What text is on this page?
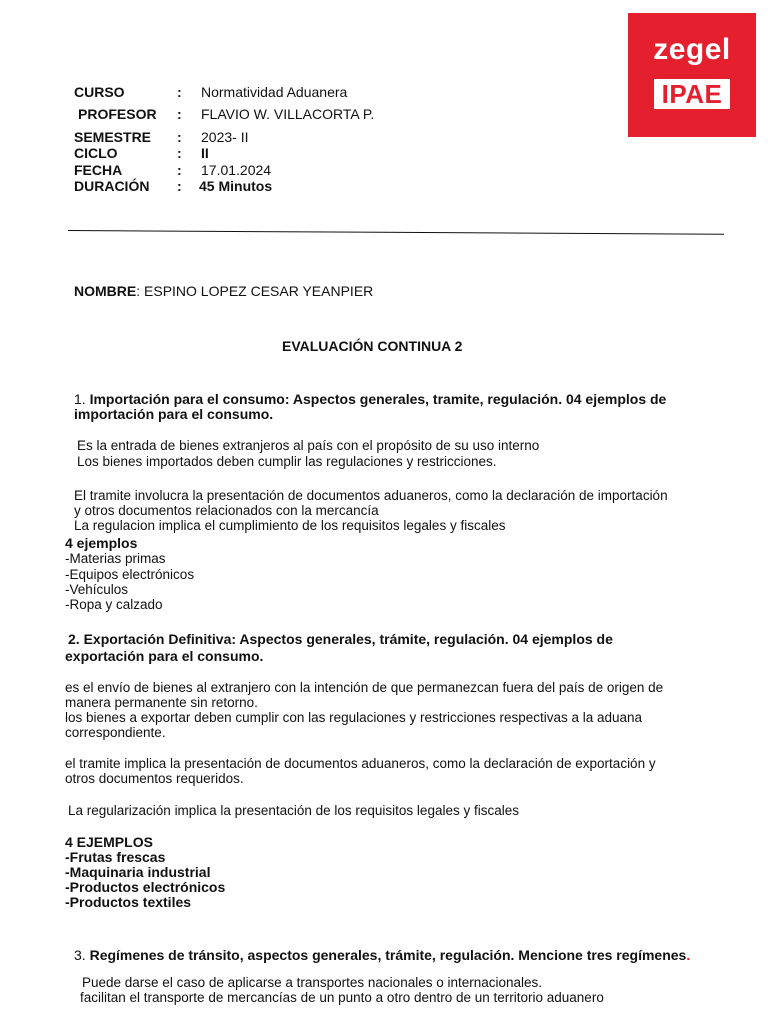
zegel
IPAE
CURSO	: Normatividad Aduanera
PROFESOR : FLAVIO W. VILLACORTA P.
SEMESTRE : 2023- II
CICLO	: II
FECHA	: 17.01.2024
DURACIÓN : 45 Minutos
NOMBRE: ESPINO LOPEZ CESAR YEANPIER
EVALUACIÓN CONTINUA 2
1. Importación para el consumo: Aspectos generales, tramite, regulación. 04 ejemplos de
importación para el consumo.
Es la entrada de bienes extranjeros al país con el propósito de su uso interno
Los bienes importados deben cumplir las regulaciones y restricciones.
El tramite involucra la presentación de documentos aduaneros, como la declaración de importación
y otros documentos relacionados con la mercancía
La regulacion implica el cumplimiento de los requisitos legales y fiscales
4 ejemplos
-Materias primas
-Equipos electrónicos
-Vehículos
-Ropa y calzado
2. Exportación Definitiva: Aspectos generales, trámite, regulación. 04 ejemplos de
exportación para el consumo.
es el envío de bienes al extranjero con la intención de que permanezcan fuera del país de origen de
manera permanente sin retorno.
los bienes a exportar deben cumplir con las regulaciones y restricciones respectivas a la aduana
correspondiente.
el tramite implica la presentación de documentos aduaneros, como la declaración de exportación y
otros documentos requeridos.
La regularización implica la presentación de los requisitos legales y fiscales
4 EJEMPLOS
-Frutas frescas
-Maquinaria industrial
-Productos electrónicos
-Productos textiles
3. Regímenes de tránsito, aspectos generales, trámite, regulación. Mencione tres regímenes.
Puede darse el caso de aplicarse a transportes nacionales o internacionales.
facilitan el transporte de mercancías de un punto a otro dentro de un territorio aduanero
